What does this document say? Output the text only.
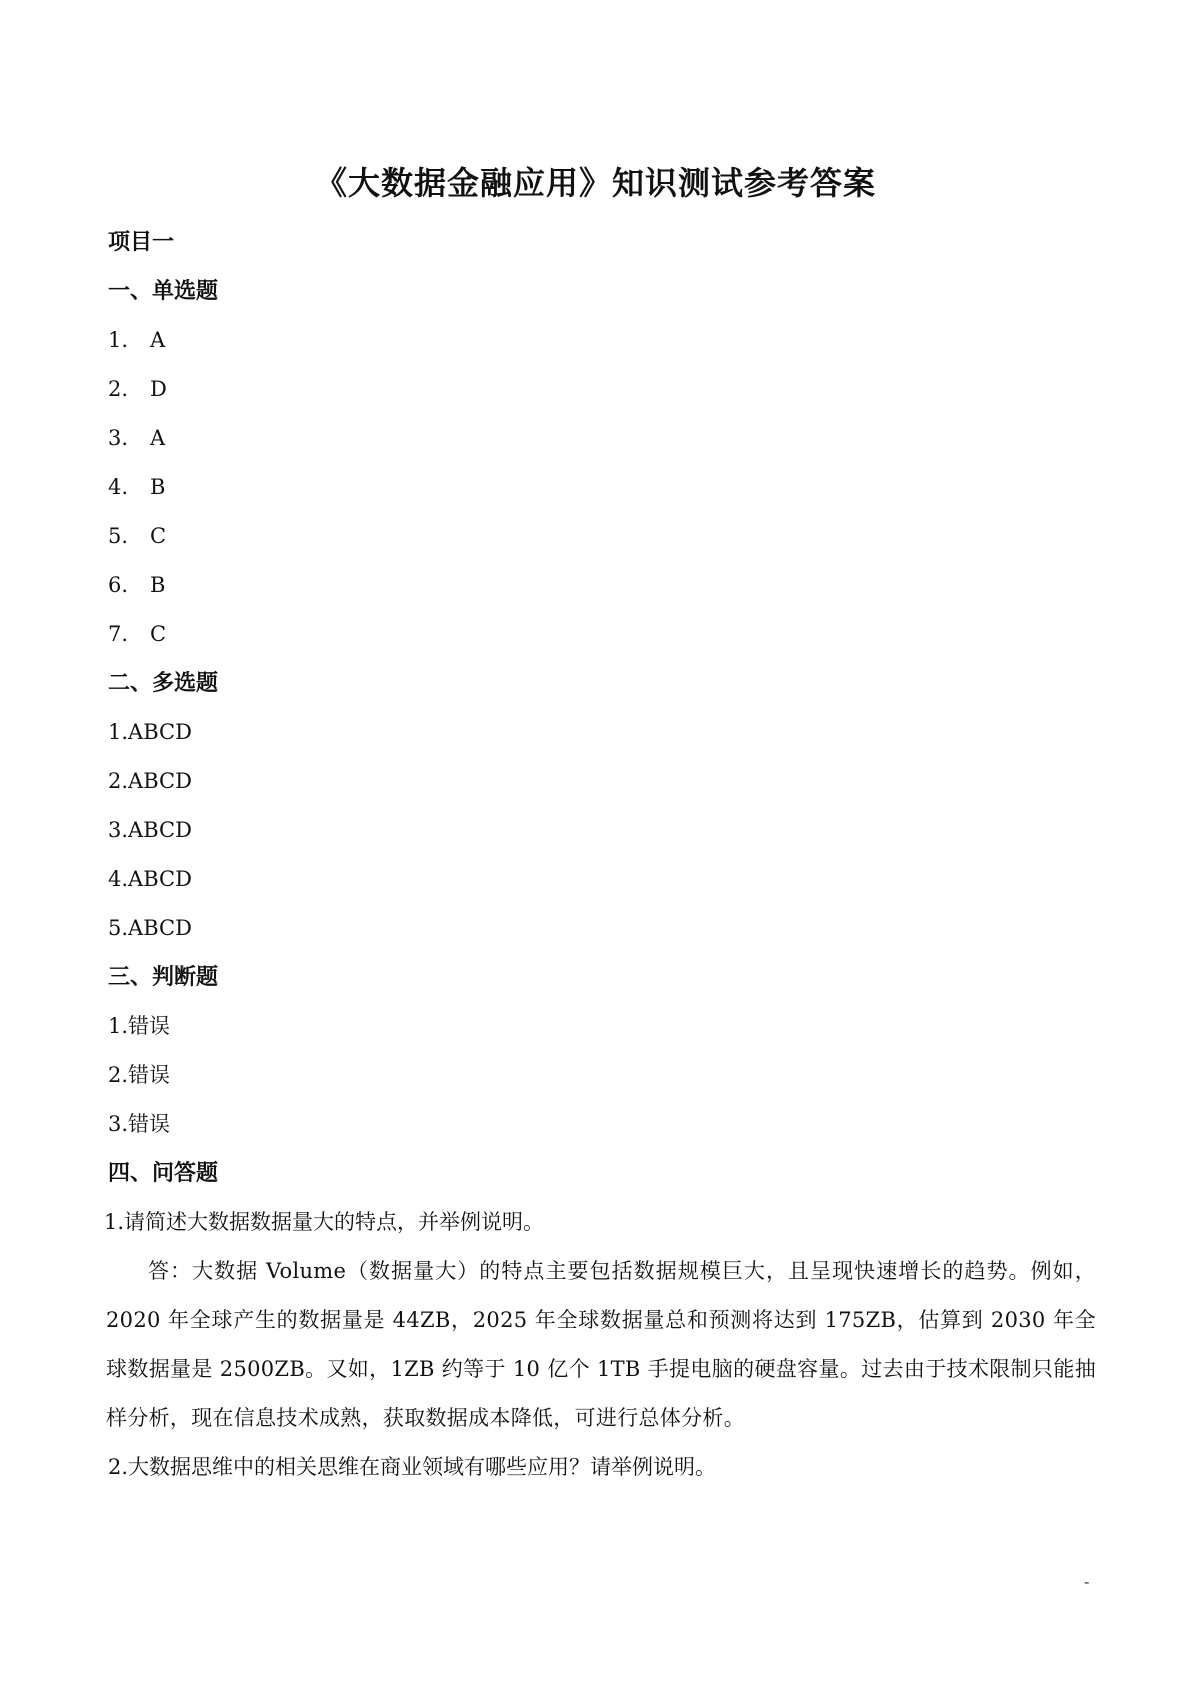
《大数据金融应用》知识测试参考答案
项目一
一、单选题
1. A
2. D
3. A
4. B
5. C
6. B
7. C
二、多选题
1.ABCD
2.ABCD
3.ABCD
4.ABCD
5.ABCD
三、判断题
1.错误
2.错误
3.错误
四、问答题
1.请简述大数据数据量大的特点，并举例说明。
答：大数据 Volume（数据量大）的特点主要包括数据规模巨大，且呈现快速增长的趋势。例如，2020 年全球产生的数据量是 44ZB，2025 年全球数据量总和预测将达到 175ZB，估算到 2030 年全球数据量是 2500ZB。又如，1ZB 约等于 10 亿个 1TB 手提电脑的硬盘容量。过去由于技术限制只能抽样分析，现在信息技术成熟，获取数据成本降低，可进行总体分析。
2.大数据思维中的相关思维在商业领域有哪些应用？请举例说明。
-
